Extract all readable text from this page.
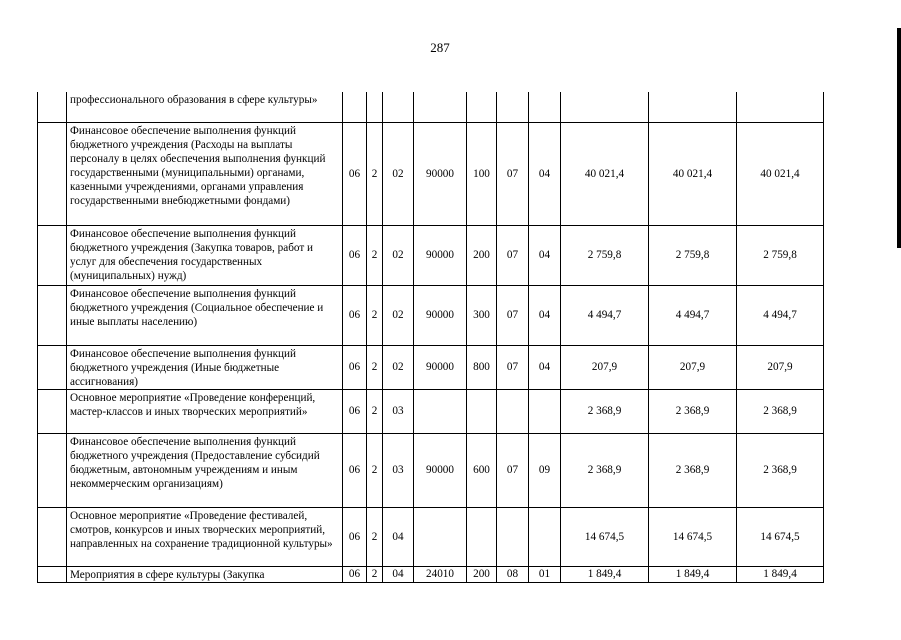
287
	профессионального образования в сфере культуры»										
	Финансовое обеспечение выполнения функций бюджетного учреждения (Расходы на выплаты персоналу в целях обеспечения выполнения функций государственными (муниципальными) органами, казенными учреждениями, органами управления государственными внебюджетными фондами)	06	2	02	90000	100	07	04	40 021,4	40 021,4	40 021,4
	Финансовое обеспечение выполнения функций бюджетного учреждения (Закупка товаров, работ и услуг для обеспечения государственных (муниципальных) нужд)	06	2	02	90000	200	07	04	2 759,8	2 759,8	2 759,8
	Финансовое обеспечение выполнения функций бюджетного учреждения (Социальное обеспечение и иные выплаты населению)	06	2	02	90000	300	07	04	4 494,7	4 494,7	4 494,7
	Финансовое обеспечение выполнения функций бюджетного учреждения (Иные бюджетные ассигнования)	06	2	02	90000	800	07	04	207,9	207,9	207,9
	Основное мероприятие «Проведение конференций, мастер-классов и иных творческих мероприятий»	06	2	03					2 368,9	2 368,9	2 368,9
	Финансовое обеспечение выполнения функций бюджетного учреждения (Предоставление субсидий бюджетным, автономным учреждениям и иным некоммерческим организациям)	06	2	03	90000	600	07	09	2 368,9	2 368,9	2 368,9
	Основное мероприятие «Проведение фестивалей, смотров, конкурсов и иных творческих мероприятий, направленных на сохранение традиционной культуры»	06	2	04					14 674,5	14 674,5	14 674,5
	Мероприятия в сфере культуры (Закупка	06	2	04	24010	200	08	01	1 849,4	1 849,4	1 849,4
